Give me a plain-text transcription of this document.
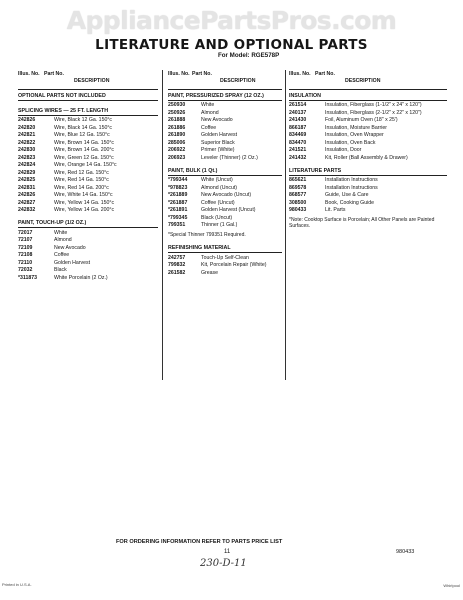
AppliancePartsPros.com
LITERATURE AND OPTIONAL PARTS
For Model: RGE578P
Illus. No. Part No.
DESCRIPTION
OPTIONAL PARTS NOT INCLUDED
SPLICING WIRES — 25 FT. LENGTH
242826	Wire, Black 12 Ga. 150°c
242820	Wire, Black 14 Ga. 150°c
242821	Wire, Blue 12 Ga. 150°c
242822	Wire, Brown 14 Ga. 150°c
242830	Wire, Brown 14 Ga. 200°c
242823	Wire, Green 12 Ga. 150°c
242824	Wire, Orange 14 Ga. 150°c
242829	Wire, Red 12 Ga. 150°c
242825	Wire, Red 14 Ga. 150°c
242831	Wire, Red 14 Ga. 200°c
242826	Wire, White 14 Ga. 150°c
242827	Wire, Yellow 14 Ga. 150°c
242832	Wire, Yellow 14 Ga. 200°c
PAINT, TOUCH-UP (1/2 OZ.)
72017	White
72107	Almond
72109	New Avocado
72108	Coffee
72110	Golden Harvest
72032	Black
*311873	White Porcelain (2 Oz.)
Illus. No. Part No.
DESCRIPTION
PAINT, PRESSURIZED SPRAY (12 OZ.)
250930	White
250926	Almond
261888	New Avocado
261886	Coffee
261890	Golden Harvest
285006	Superior Black
206922	Primer (White)
206923	Leveler (Thinner) (2 Oz.)
PAINT, BULK (1 Qt.)
*799344	White (Uncut)
*978823	Almond (Uncut)
*261889	New Avocado (Uncut)
*261887	Coffee (Uncut)
*261891	Golden Harvest (Uncut)
*799345	Black (Uncut)
799351	Thinner (1 Gal.)
*Special Thinner 799351 Required.
REFINISHING MATERIAL
242757	Touch-Up Self-Clean
799832	Kit, Porcelain Repair (White)
261582	Grease
Illus. No. Part No.
DESCRIPTION
INSULATION
261514	Insulation, Fiberglass (1-1/2" x 24" x 120")
240137	Insulation, Fiberglass (2-1/2" x 22" x 120")
241430	Foil, Aluminum Oven (18" x 25')
866187	Insulation, Moisture Barrier
834469	Insulation, Oven Wrapper
834470	Insulation, Oven Back
241521	Insulation, Door
241432	Kit, Roller (Ball Assembly & Drawer)
LITERATURE PARTS
865621	Installation Instructions
869578	Installation Instructions
868577	Guide, Use & Care
308500	Book, Cooking Guide
980433	Lit. Parts
*Note: Cooktop Surface is Porcelain; All Other Panels are Painted Surfaces.
FOR ORDERING INFORMATION REFER TO PARTS PRICE LIST
11
230-D-11
980433
Printed in U.S.A.	Whirlpool
